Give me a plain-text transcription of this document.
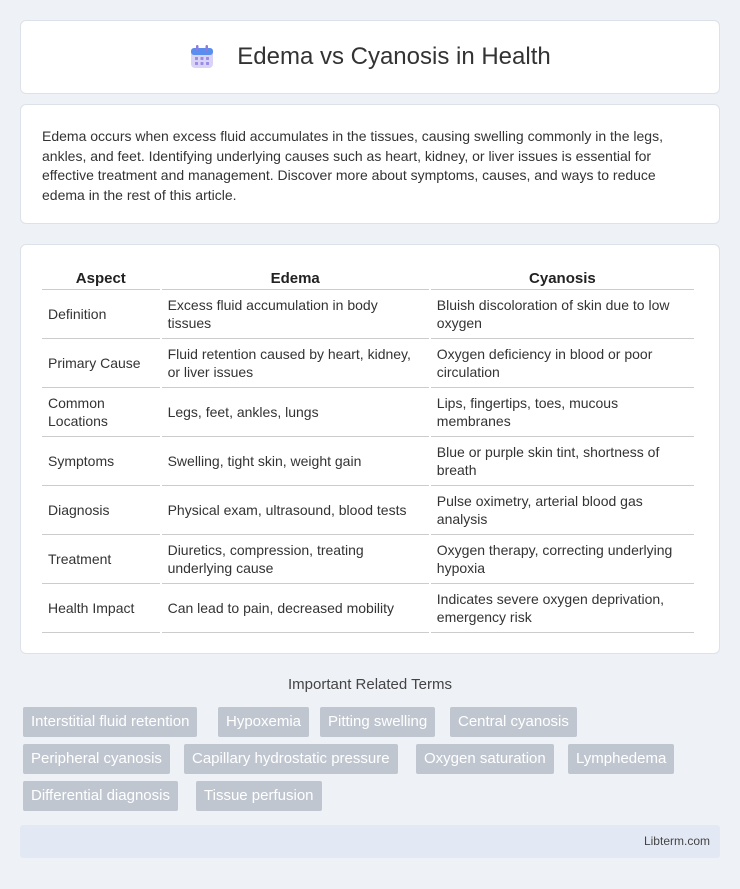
Edema vs Cyanosis in Health

Edema occurs when excess fluid accumulates in the tissues, causing swelling commonly in the legs, ankles, and feet. Identifying underlying causes such as heart, kidney, or liver issues is essential for effective treatment and management. Discover more about symptoms, causes, and ways to reduce edema in the rest of this article.

Aspect	Edema	Cyanosis
Definition	Excess fluid accumulation in body tissues	Bluish discoloration of skin due to low oxygen
Primary Cause	Fluid retention caused by heart, kidney, or liver issues	Oxygen deficiency in blood or poor circulation
Common Locations	Legs, feet, ankles, lungs	Lips, fingertips, toes, mucous membranes
Symptoms	Swelling, tight skin, weight gain	Blue or purple skin tint, shortness of breath
Diagnosis	Physical exam, ultrasound, blood tests	Pulse oximetry, arterial blood gas analysis
Treatment	Diuretics, compression, treating underlying cause	Oxygen therapy, correcting underlying hypoxia
Health Impact	Can lead to pain, decreased mobility	Indicates severe oxygen deprivation, emergency risk
Important Related Terms
Interstitial fluid retention	Hypoxemia	Pitting swelling	Central cyanosis
Peripheral cyanosis	Capillary hydrostatic pressure	Oxygen saturation	Lymphedema
Differential diagnosis	Tissue perfusion
Libterm.com
